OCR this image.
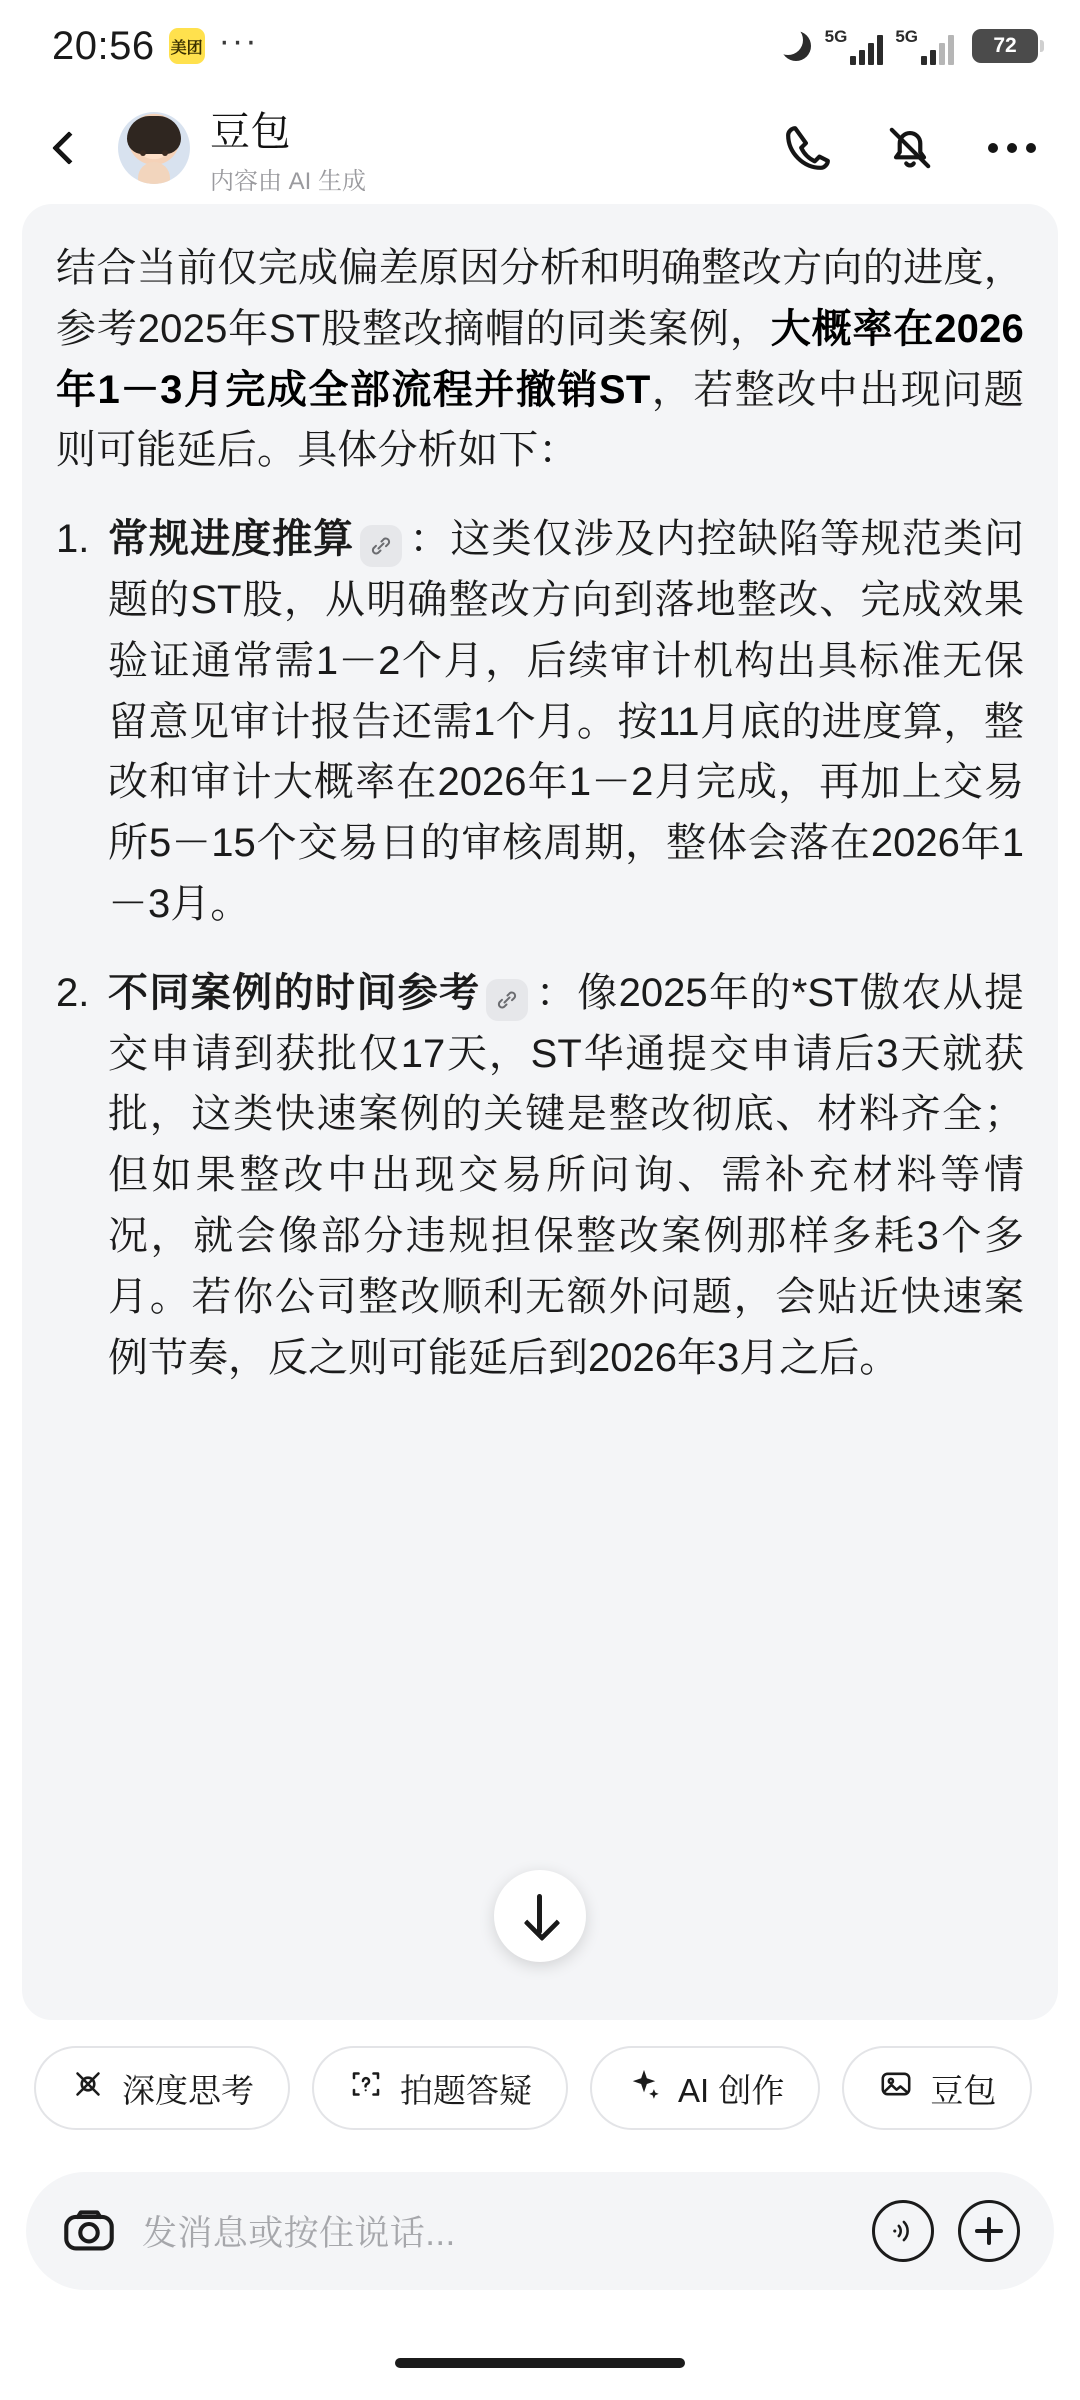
20:56 美团 ···	5G	5G	72
豆包
内容由 AI 生成
结合当前仅完成偏差原因分析和明确整改方向的进度，参考2025年ST股整改摘帽的同类案例，大概率在2026年1－3月完成全部流程并撤销ST，若整改中出现问题则可能延后。具体分析如下：
1. 常规进度推算 ：这类仅涉及内控缺陷等规范类问题的ST股，从明确整改方向到落地整改、完成效果验证通常需1－2个月，后续审计机构出具标准无保留意见审计报告还需1个月。按11月底的进度算，整改和审计大概率在2026年1－2月完成，再加上交易所5－15个交易日的审核周期，整体会落在2026年1－3月。
2. 不同案例的时间参考 ：像2025年的*ST傲农从提交申请到获批仅17天，ST华通提交申请后3天就获批，这类快速案例的关键是整改彻底、材料齐全；但如果整改中出现交易所问询、需补充材料等情况，就会像部分违规担保整改案例那样多耗3个多月。若你公司整改顺利无额外问题，会贴近快速案例节奏，反之则可能延后到2026年3月之后。
深度思考	拍题答疑	AI 创作	豆包
发消息或按住说话...
